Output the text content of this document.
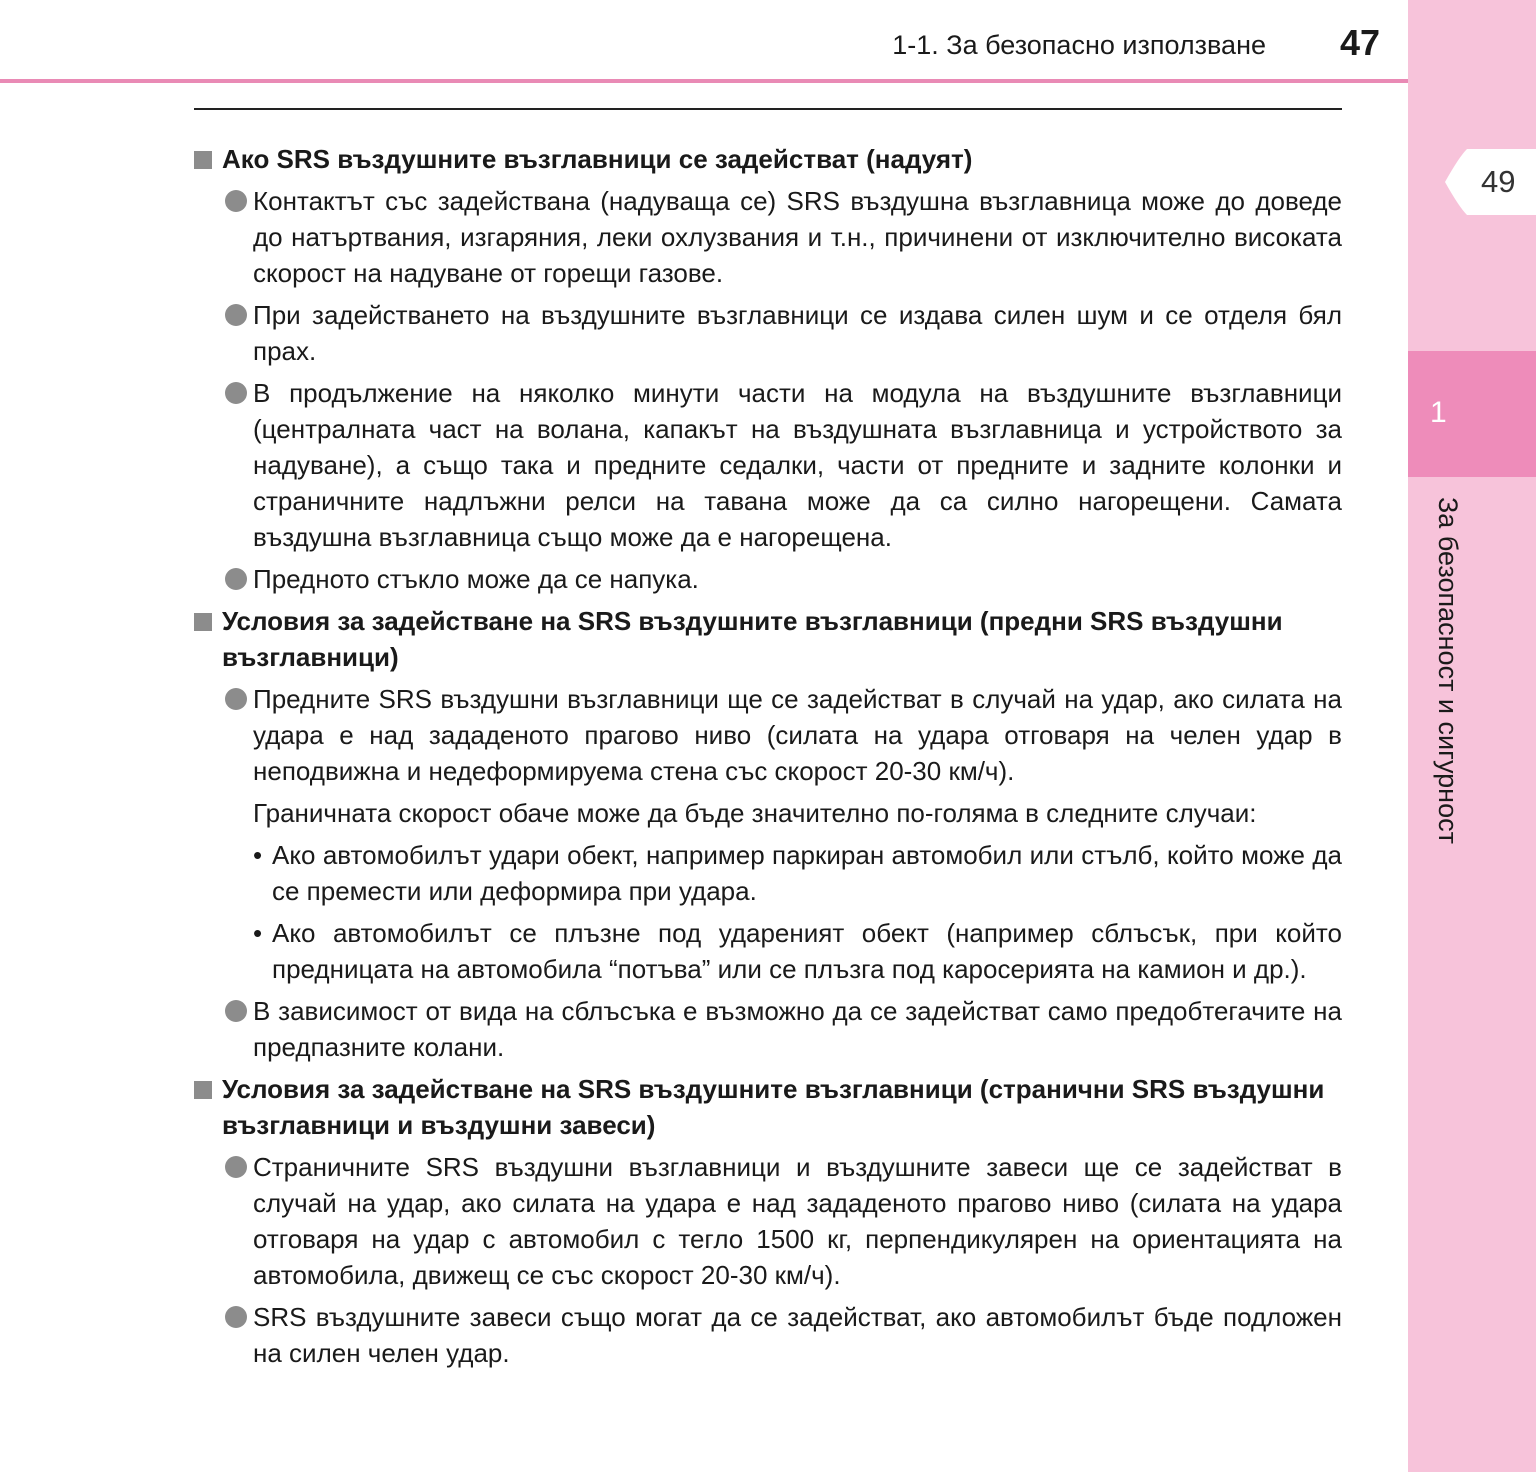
1-1. За безопасно използване 47
49
1
За безопасност и сигурност
Ако SRS въздушните възглавници се задействат (надуят)
Контактът със задействана (надуваща се) SRS въздушна възглавница може до доведе до натъртвания, изгаряния, леки охлузвания и т.н., причинени от изключително високата скорост на надуване от горещи газове.
При задействането на въздушните възглавници се издава силен шум и се отделя бял прах.
В продължение на няколко минути части на модула на въздушните възглавници (централната част на волана, капакът на въздушната възглавница и устройството за надуване), а също така и предните седалки, части от предните и задните колонки и страничните надлъжни релси на тавана може да са силно нагорещени. Самата въздушна възглавница също може да е нагорещена.
Предното стъкло може да се напука.
Условия за задействане на SRS въздушните възглавници (предни SRS въздушни възглавници)
Предните SRS въздушни възглавници ще се задействат в случай на удар, ако силата на удара е над зададеното прагово ниво (силата на удара отговаря на челен удар в неподвижна и недеформируема стена със скорост 20-30 км/ч).
Граничната скорост обаче може да бъде значително по-голяма в следните случаи:
• Ако автомобилът удари обект, например паркиран автомобил или стълб, който може да се премести или деформира при удара.
• Ако автомобилът се плъзне под удареният обект (например сблъсък, при който предницата на автомобила “потъва” или се плъзга под каросерията на камион и др.).
В зависимост от вида на сблъсъка е възможно да се задействат само предобтегачите на предпазните колани.
Условия за задействане на SRS въздушните възглавници (странични SRS въздушни възглавници и въздушни завеси)
Страничните SRS въздушни възглавници и въздушните завеси ще се задействат в случай на удар, ако силата на удара е над зададеното прагово ниво (силата на удара отговаря на удар с автомобил с тегло 1500 кг, перпендикулярен на ориентацията на автомобила, движещ се със скорост 20-30 км/ч).
SRS въздушните завеси също могат да се задействат, ако автомобилът бъде подложен на силен челен удар.
